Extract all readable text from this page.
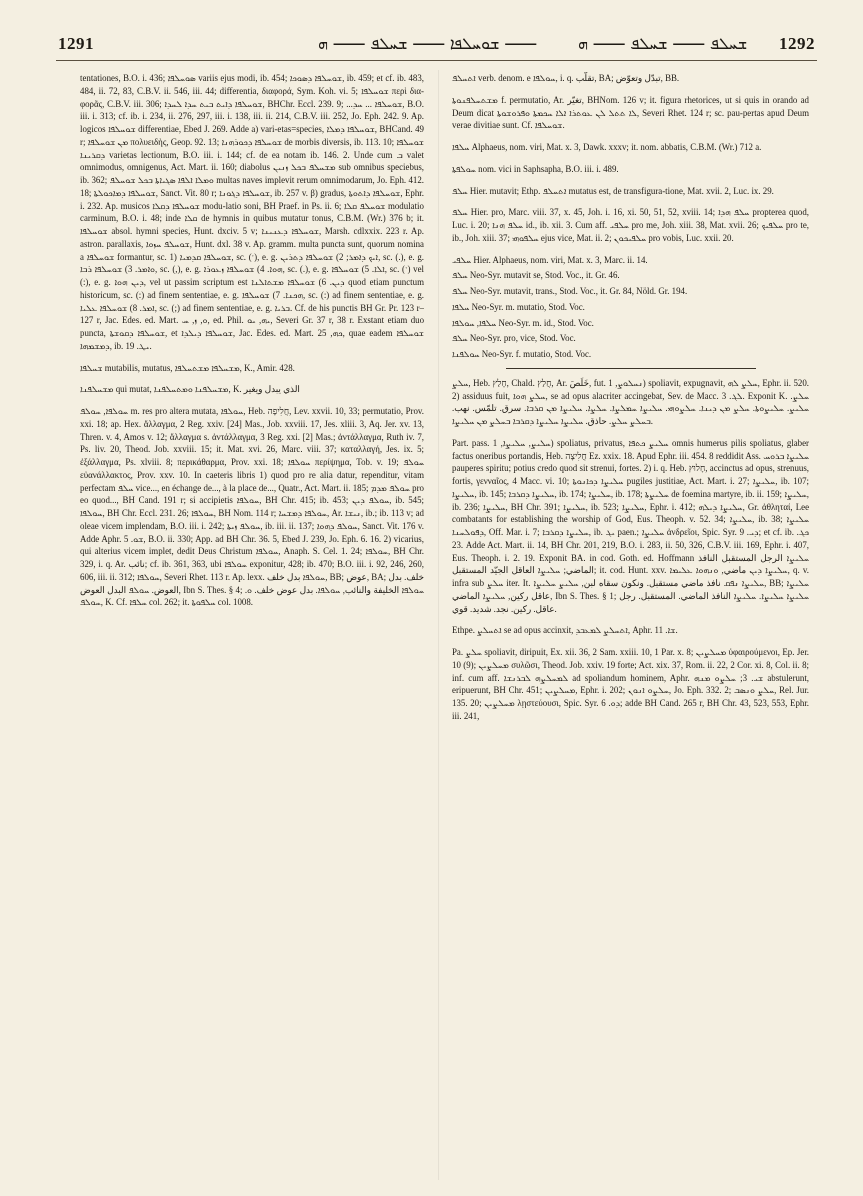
1291	⸺ ܫܘܚܠܦܐ ⸺ ܫܚܠܦ ⸺ ܗ	ܫܚܠܦ ⸺ ܫܚܠܦ ⸺ ܗ 1292

tentationes, B.O. i. 436; ܣܘܚܠܦܐ variis ejus modi, ib. 454; ܫܘܚܠܦܐ ܕܣܘܟܐ, ib. 459; et cf. ib. 483, 484, ii. 72, 83, C.B.V. ii. 546, iii. 44; differentia, διαφορά, Sym. Koh. vi. 5; ܫܘܚܠܦܐ περὶ δια-φορᾶς, C.B.V. iii. 306; ܫܘܚܠܦܐ ܕܐܝܬ ܒܝܬ ܚܕܐ ܠܚܕܐ, BHChr. Eccl. 239. 9; ...ܫܘܚܠܦܐ ... ܚܕ, B.O. iii. i. 313; cf. ib. i. 234, ii. 276, 297, iii. i. 138, iii. ii. 214, C.B.V. iii. 252, Jo. Eph. 242. 9. Ap. logicos ܫܘܚܠܦܐ differentiae, Ebed J. 269. Adde a) vari-etas=species, ܫܘܚܠܦܐ ܕܡܠܐ, BHCand. 49 r; ܡܢ ܫܘܚܠܦܐ πολυειδὴς, Geop. 92. 13; ܫܘܚܠܦܐ ܕܟܘܪܗܢܐ de morbis diversis, ib. 113. 10; ܫܘܚܠܦܐ ܕܩܪܝܢܐ varietas lectionum, B.O. iii. i. 144; cf. de ea notam ib. 146. 2. Unde cum ܒ valet omnimodus, omnigenus, Act. Mart. ii. 160; diabolus ܡܫܚܠܦ ܒܟܠ ܙܢܝܢ sub omnibus speciebus, ib. 362; ܘܡܠܐ ܐܠܦܐ ܣܓܝܐܬܐ ܒܟܠ ܫܘܚܠܦ multas naves implevit rerum omnimodarum, Jo. Eph. 412. 18; ܫܘܚܠܦܐ ܕܡܐܟܘܠܬܐ, Sanct. Vit. 80 r; ܫܘܚܠܦܐ ܕܓܘܢܐ, ib. 257 v. β) gradus, ܫܘܚܠܦܐ ܕܐܬܘܬܐ, Ephr. i. 232. Ap. musicos ܫܘܚܠܦܐ ܕܩܠܐ modu-latio soni, BH Praef. in Ps. ii. 6; ܫܘܚܠܦ ܩܠܐ modulatio carminum, B.O. i. 48; inde ܩܠܐ de hymnis in quibus mutatur tonus, C.B.M. (Wr.) 376 b; it. ܫܘܚܠܦܐ absol. hymni species, Hunt. dxciv. 5 v; ܫܘܚܠܦܐ ܕܥܢܝܢܐ, Marsh. cdlxxix. 223 r. Ap. astron. parallaxis, ܫܘܚܠܦ ܚܙܘܐ, Hunt. dxl. 38 v. Ap. gramm. multa puncta sunt, quorum nomina a ܫܘܚܠܦܐ formantur, sc. 1) ܫܘܚܠܦܐ ܩܕܡܝܐ, sc. (ˑ), e. g. ܐܝܟ ܕܐܡܪ; 2) ܫܘܚܠܦܐ ܕܬܪܝܢ, sc. (.), e. g. ܘܐܡܪ. 3) ܫܘܚܠܦܐ ܪܒܐ, sc. (,), e. g. ܗܘܐ. 4) ܫܘܚܠܦܐ ܙܥܘܪܐ, sc. (.), e. g. ܐܠܐ. 5) ܫܘܚܠܦܐ, sc. (ˑ) vel (:), e. g. ܕܝܢ ܗܘܐ, vel ut passim scriptum est ܕܝܢ. 6) ܫܘܚܠܦܐ ܡܫܬܐܠܢܐ quod etiam punctum historicum, sc. (:) ad finem sententiae, e. g. ܗܟܢܐ. 7) ܫܘܚܠܦܐ, sc. (:) ad finem sententiae, e. g. ܐܡܪ. 8) ܫܘܚܠܦܐ ܥܠܝܐ, sc. (;) ad finem sententiae, e. g. ܒܪܝܐ. Cf. de his punctis BH Gr. Pr. 123 r–127 r, Jac. Edes. ed. Mart. ܘ, ܙ, ܚ, ed. Phil. ܝܗ, ܝܘ, Severi Gr. 37 r, 38 r. Exstant etiam duo puncta, ܫܘܚܠܦܐ ܕܩܘܫܬܐ, et ܫܘܚܠܦܐ ܕܝܠܕܐ, Jac. Edes. ed. Mart. ܟܗ, 25, quae eadem ܫܘܚܠܦܐ ܕܡܫܡܗܐ, ib. ܝܛ. 19.

ܫܚܠܦܐ mutabilis, mutatus, ܡܫܚܠܦܐ ܡܫܬܚܠܦܐ, K., Amir. 428.

ܡܫܚܠܦܢܐ qui mutat, ܡܫܚܠܦܢܐ ܘܡܬܚܠܦܢܐ, K. الذي يبدل ويغير

ܚܘܠܦܐ, ܚܘܠܦ m. res pro altera mutata, ܚܘܠܦܐ, Heb. חֲלִיפָה, Lev. xxvii. 10, 33; permutatio, Prov. xxi. 18; ap. Hex. ἄλλαγμα, 2 Reg. xxiv. [24] Mas., Job. xxviii. 17, Jes. xliii. 3, Aq. Jer. xv. 13, Thren. v. 4, Amos v. 12; ἄλλαγμα s. ἀντάλλαγμα, 3 Reg. xxi. [2] Mas.; ἀντάλλαγμα, Ruth iv. 7, Ps. liv. 20, Theod. Job. xxviii. 15; it. Mat. xvi. 26, Marc. viii. 37; καταλλαγή, Jes. ix. 5; ἐξάλλαγμα, Ps. xlviii. 8; περικάθαρμα, Prov. xxi. 18; ܚܘܠܦܐ περίψημα, Tob. v. 19; ܚܘܠܦ εὐανάλλακτος, Prov. xxv. 10. In caeteris libris 1) quod pro re alia datur, rependitur, vitam perfectam ܚܠܦ vice..., en échange de..., à la place de..., Quatr., Act. Mart. ii. 185; ܚܘܠܦ ܡܕܡ pro eo quod..., BH Cand. 191 r; si accipietis ܚܘܠܦܐ, BH Chr. 415; ib. 453; ܚܘܠܦ ܕܝܢ, ib. 545; ܚܘܠܦܐ, BH Chr. Eccl. 231. 26; ܚܘܠܦܐ, BH Nom. 114 r; ܚܘܠܦܐ ܕܡܫܚܐ, Ar. ܢܝܫܐ, ib.; ib. 113 v; ad oleae vicem implendam, B.O. iii. i. 242; ܚܘܠܦ ܙܝܬܐ, ib. iii. ii. 137; ܚܘܠܦ ܕܗܘܐ, Sanct. Vit. 176 v. Adde Aphr. ܫܘ. 5, B.O. ii. 330; App. ad BH Chr. 36. 5, Ebed J. 239, Jo. Eph. 6. 16. 2) vicarius, qui alterius vicem implet, dedit Deus Christum ܚܘܠܦܐ, Anaph. S. Cel. 1. 24; ܚܘܠܦܐ, BH Chr. 329, i. q. Ar. نائب; cf. ib. 361, 363, ubi ܚܘܠܦܐ exponitur, 428; ib. 470; B.O. iii. i. 92, 246, 260, 606, iii. ii. 312; ܚܘܠܦܐ, Severi Rhet. 113 r. Ap. lexx. ܚܘܠܦܐ بدل خلف, BB; عوض, BA; خلف. بدل العوض. ܚܘܠܦ البدل العوض, Ibn S. Thes. § 4; ܚܘܠܦܐ الخليفة والنائب, ܚܘܠܦܐ. بدل عوض خلف. ܘ. ܚܘܠܦ, K. Cf. ܚܠܦܐ col. 262; it. ܚܠܦܘܬܐ col. 1008.

ܐܬܚܠܦ verb. denom. e ܚܘܠܦܐ, i. q. تقلّب, BA; تبدّل وتعوّض, BB.

ܡܫܬܚܠܦܢܘܬܐ f. permutatio, Ar. تغيّر, BHNom. 126 v; it. figura rhetorices, ut si quis in orando ad Deum dicat ܠܐ ܬܬܠ ܠܢ ܥܘܬܪܐ ܐܠܐ ܚܟܡܬܐ ܘܦܪܘܫܘܬܐ, Severi Rhet. 124 r; sc. pau-pertas apud Deum verae divitiae sunt. Cf. ܫܘܚܠܦܐ.

ܚܠܦܐ Alphaeus, nom. viri, Mat. x. 3, Dawk. xxxv; it. nom. abbatis, C.B.M. (Wr.) 712 a.

ܚܘܠܦܬܐ nom. vici in Saphsapha, B.O. iii. i. 489.

ܚܠܦ Hier. mutavit; Ethp. ܐܬܚܠܦ mutatus est, de transfigura-tione, Mat. xvii. 2, Luc. ix. 29.

ܚܠܦ Hier. pro, Marc. viii. 37, x. 45, Joh. i. 16, xi. 50, 51, 52, xviii. 14; ܚܠܦ ܗܕܐ propterea quod, Luc. i. 20; ܚܠܦ ܗܢܐ id., ib. xii. 3. Cum aff. ܚܠܦܝ pro me, Joh. xiii. 38, Mat. xvii. 26; ܚܠܦܝܟ pro te, ib., Joh. xiii. 37; ܚܠܦܘܗܝ ejus vice, Mat. ii. 2; ܚܠܦܝܟܘܢ pro vobis, Luc. xxii. 20.

ܚܠܦܝ Hier. Alphaeus, nom. viri, Mat. x. 3, Marc. ii. 14.

ܚܠܦ Neo-Syr. mutavit se, Stod. Voc., it. Gr. 46.

ܚܠܦ Neo-Syr. mutavit, trans., Stod. Voc., it. Gr. 84, Nöld. Gr. 194.

ܚܠܦܐ Neo-Syr. m. mutatio, Stod. Voc.

ܚܠܦܐ, ܚܘܠܦܐ Neo-Syr. m. id., Stod. Voc.

ܚܠܦ Neo-Syr. pro, vice, Stod. Voc.

ܚܘܠܦܢܐ Neo-Syr. f. mutatio, Stod. Voc.

ܚܠܨ, Heb. חָלַץ, Chald. חֲלַץ, Ar. خَلَصَ, fut. ܢܚܠܘܨ, 1) spoliavit, expugnavit, ܚܠܨ ܠܗ, Ephr. ii. 520. 2) assiduus fuit, ܚܠܨ ܗܘܐ, se ad opus alacriter accingebat, Sev. de Macc. ܠܓ. 3. Exponit K. ܚܠܨ. ܚܠܝܨ. ܚܠܝܨܘܬܐ. ܚܠܨ ܡܢ ܕܝܢܐ. ܚܠܨܘܗܝ. ܚܠܝܨܐ ܚܡܠܨܐ. ܚܠܨܐ. ܚܠܝܨܐ ܡܢ ܩܪܒܐ. سرق. تلمّس. نهب. ܒܚܠܨ ܚܠܨ. حاذق. ܚܠܝܨܐ ܚܠܝܨܐ ܕܩܪܒܐ ܒܚܠܨ ܡܢ ܚܠܝܨܐ.

Part. pass. ܚܠܝܨ, ܚܠܝܨܐ, 1) spoliatus, privatus, ܚܠܝܨ ܟܬܦܐ omnis humerus pilis spoliatus, glaber factus oneribus portandis, Heb. חֲלִיצָה Ez. xxix. 18. Apud Ephr. iii. 454. 8 reddidit Ass. ܚܠܝܨܐ ܒܪܘܚ pauperes spiritu; potius credo quod sit strenui, fortes. 2) i. q. Heb. חָלוּץ, accinctus ad opus, strenuus, fortis, γενναῖος, 4 Macc. vi. 10; ܚܠܝܨܐ ܕܟܐܢܘܬܐ pugiles justitiae, Act. Mart. i. 27; ܚܠܝܨܐ, ib. 107; ܚܠܝܨܐ, ib. 145; ܚܠܝܨܐ ܕܩܪܒܐ, ib. 174; ܚܠܝܨܐ, ib. 178; ܚܠܝܨܬܐ de foemina martyre, ib. ii. 159; ܚܠܝܨܐ, ib. 236; ܚܠܝܨܐ, BH Chr. 391; ܚܠܝܨܐ, ib. 523; ܚܠܝܨܐ, Ephr. i. 412; ܚܠܝܨܐ ܕܝܠܗ, Gr. ἀθληταί, Lee combatants for establishing the worship of God, Eus. Theoph. v. 52. 34; ܚܠܝܨܐ, ib. 38; ܚܠܝܨܐ ܕܦܘܠܚܢܐ, Off. Mar. i. 7; ܚܠܝܨܐ ܕܩܪܒܐ, ib. ܝܓ paen.; ܚܠܝܨܐ ἀνδρεῖοι, Spic. Syr. ܕܝ. 9; et cf. ib. ܟܓ. 23. Adde Act. Mart. ii. 14, BH Chr. 201, 219, B.O. i. 283, ii. 50, 326, C.B.V. iii. 169, Ephr. i. 407, Eus. Theoph. i. 2. 19. Exponit BA. in cod. Goth. ed. Hoffmann ܚܠܝܨܐ الرجل المستقبل النافذ الماضي; ܚܠܝܨܐ العاقل الجيّد المستقبل; it. cod. Hunt. xxv. ܚܠܝܨܐ ܕܝܢ ماضي, ܘܢܗܘܐ ܥܠܝܡܐ, q. v. infra sub ܚܠܨ iter. It. ܚܠܝܨܐ ܢܦܩ نافذ ماضي مستقبل. ونكون سقاه لبن, ܚܠܝܨ ܚܠܝܨܐ, BB; ܚܠܝܨܐ عاقل ركين, ܚܠܝܨܐ الماضي, Ibn S. Thes. § 1; ܚܠܝܨܐ ܚܠܝܨܐ. ܚܠܝܨܐ النافذ الماضي. المستقبل. رجل عاقل. ركين. نجد. شديد. قوي.

Ethpe. ܐܬܚܠܨ se ad opus accinxit, ܐܬܚܠܨ ܠܡܥܒܕ, Aphr. ܫܐ. 11.

Pa. ܚܠܨ spoliavit, diripuit, Ex. xii. 36, 2 Sam. xxiii. 10, 1 Par. x. 8; ܡܚܠܨܝܢ ὑφαιρούμενοι, Ep. Jer. 10 (9); ܡܚܠܨܝܢ συλῶσι, Theod. Job. xxiv. 19 forte; Act. xix. 37, Rom. ii. 22, 2 Cor. xi. 8, Col. ii. 8; inf. cum aff. ܠܡܚܠܨܗ ܠܒܪܢܫܐ ad spoliandum hominem, Aphr. ܫܝ. 3; ܚܠܨܘ ܡܢܗ abstulerunt, eripuerunt, BH Chr. 451; ܡܚܠܨܝܢ, Ephr. i. 202; ܚܠܨܘ ܐܢܘܢ, Jo. Eph. 332. 2; ܚܠܨ ܘܢܣܒ, Rel. Jur. 135. 20; ܡܚܠܨܝܢ λῃστεύουσι, Spic. Syr. ܕܘ. 6; adde BH Cand. 265 r, BH Chr. 43, 523, 553, Ephr. iii. 241,
